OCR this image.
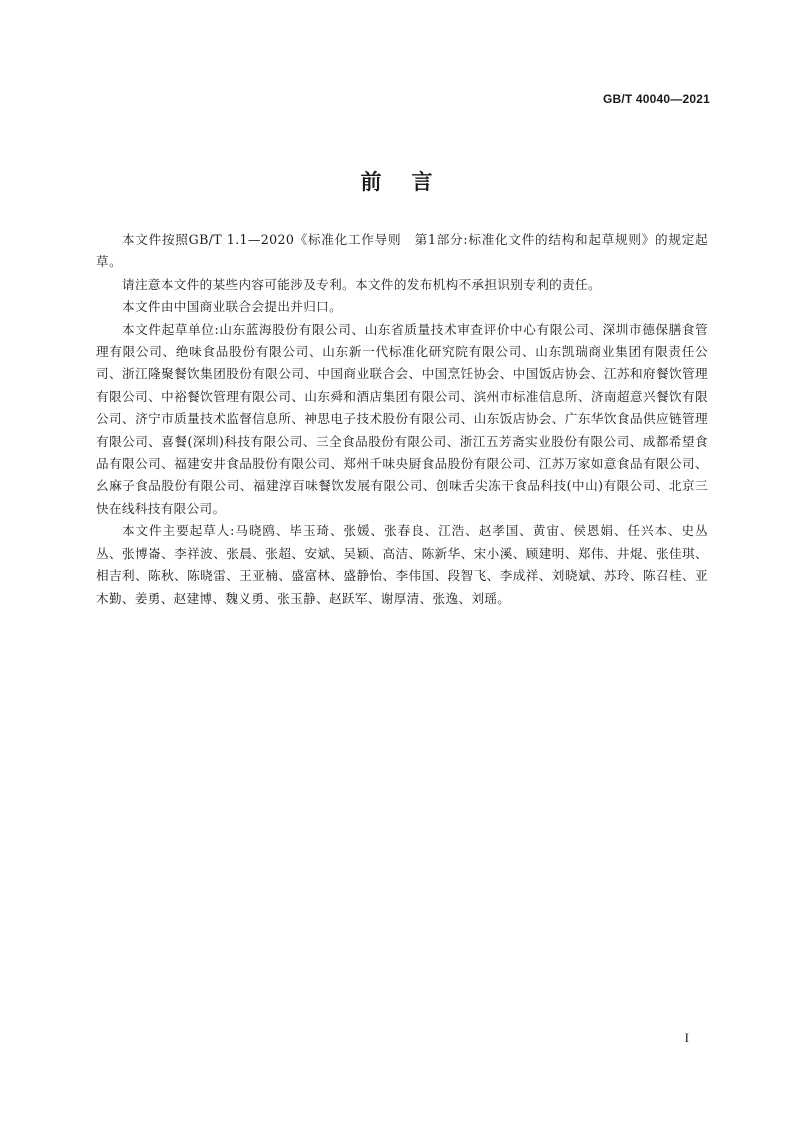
GB/T 40040—2021
前言

本文件按照GB/T 1.1—2020《标准化工作导则　第1部分:标准化文件的结构和起草规则》的规定起草。

请注意本文件的某些内容可能涉及专利。本文件的发布机构不承担识别专利的责任。

本文件由中国商业联合会提出并归口。

本文件起草单位:山东蓝海股份有限公司、山东省质量技术审查评价中心有限公司、深圳市德保膳食管理有限公司、绝味食品股份有限公司、山东新一代标准化研究院有限公司、山东凯瑞商业集团有限责任公司、浙江隆聚餐饮集团股份有限公司、中国商业联合会、中国烹饪协会、中国饭店协会、江苏和府餐饮管理有限公司、中裕餐饮管理有限公司、山东舜和酒店集团有限公司、滨州市标准信息所、济南超意兴餐饮有限公司、济宁市质量技术监督信息所、神思电子技术股份有限公司、山东饭店协会、广东华饮食品供应链管理有限公司、喜餐(深圳)科技有限公司、三全食品股份有限公司、浙江五芳斋实业股份有限公司、成都希望食品有限公司、福建安井食品股份有限公司、郑州千味央厨食品股份有限公司、江苏万家如意食品有限公司、幺麻子食品股份有限公司、福建淳百味餐饮发展有限公司、创味舌尖冻干食品科技(中山)有限公司、北京三快在线科技有限公司。

本文件主要起草人:马晓鸥、毕玉琦、张媛、张春良、江浩、赵孝国、黄宙、侯恩娟、任兴本、史丛丛、张博崙、李祥波、张晨、张超、安斌、吴颖、高洁、陈新华、宋小溪、顾建明、郑伟、井焜、张佳琪、相吉利、陈秋、陈晓雷、王亚楠、盛富林、盛静怡、李伟国、段智飞、李成祥、刘晓斌、苏玲、陈召桂、亚木勤、姜勇、赵建博、魏义勇、张玉静、赵跃军、谢厚清、张逸、刘瑶。

I
